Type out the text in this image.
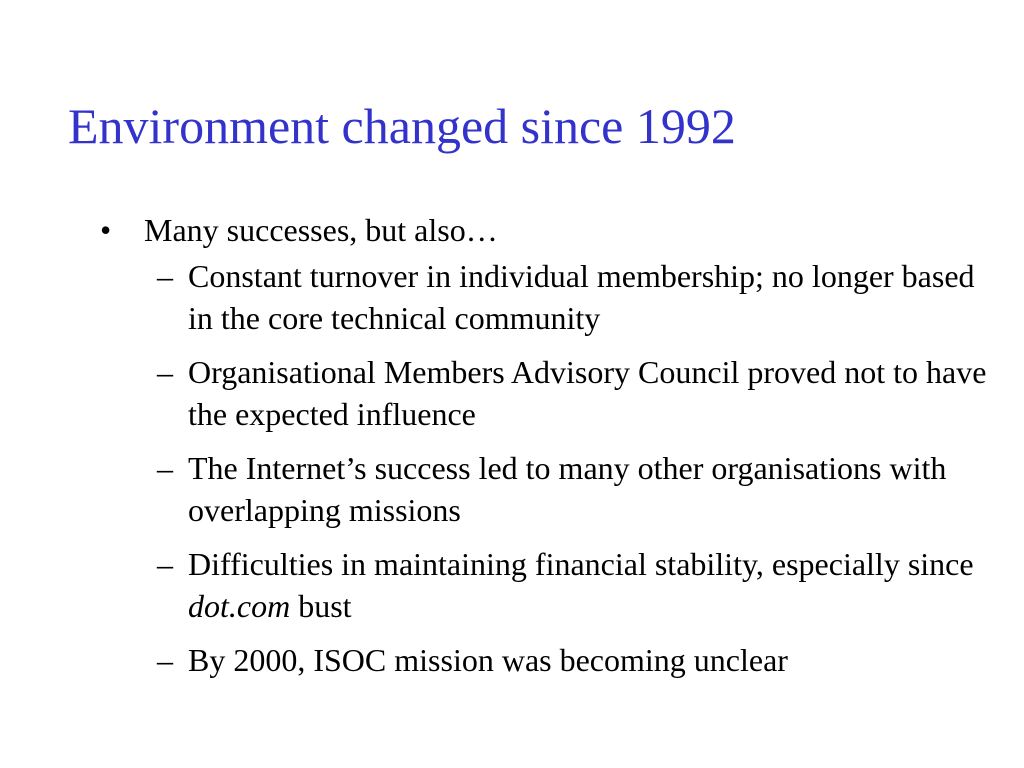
Environment changed since 1992
• Many successes, but also…
– Constant turnover in individual membership; no longer based in the core technical community
– Organisational Members Advisory Council proved not to have the expected influence
– The Internet’s success led to many other organisations with overlapping missions
– Difficulties in maintaining financial stability, especially since dot.com bust
– By 2000, ISOC mission was becoming unclear
